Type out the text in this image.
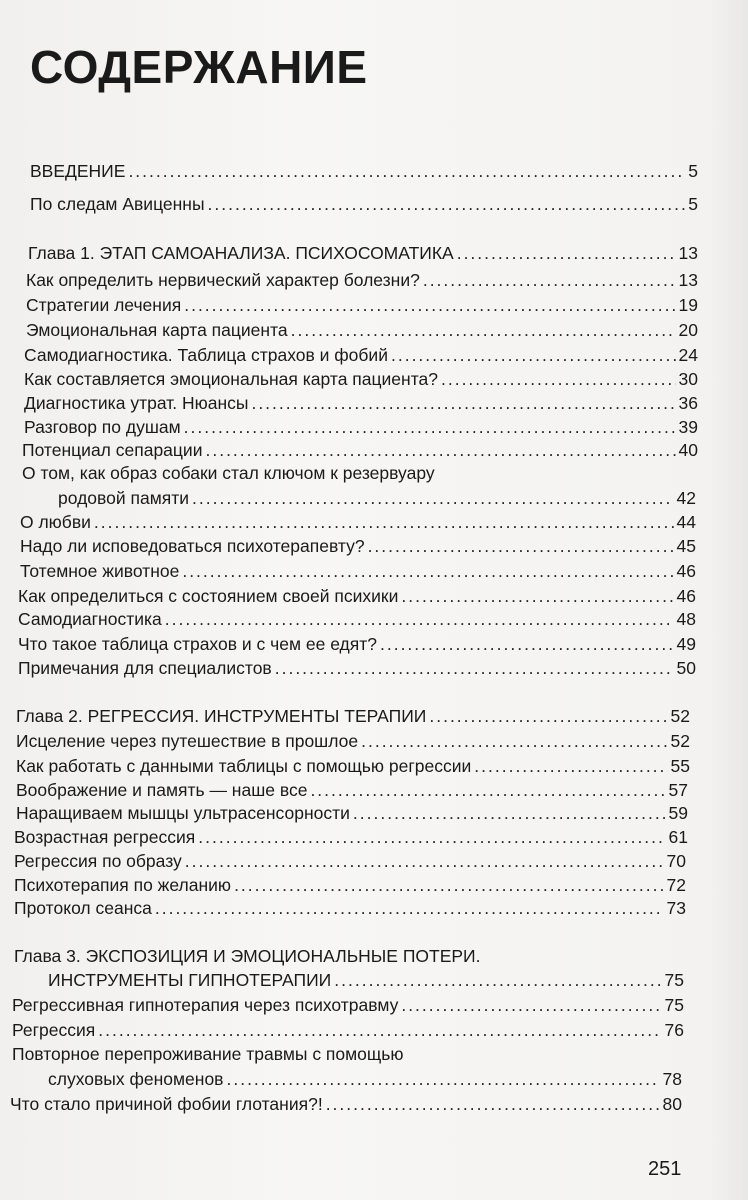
СОДЕРЖАНИЕ
ВВЕДЕНИЕ .....	5
По следам Авиценны .....	5
Глава 1. ЭТАП САМОАНАЛИЗА. ПСИХОСОМАТИКА .....	13
Как определить нервический характер болезни? .....	13
Стратегии лечения .....	19
Эмоциональная карта пациента .....	20
Самодиагностика. Таблица страхов и фобий .....	24
Как составляется эмоциональная карта пациента? .....	30
Диагностика утрат. Нюансы .....	36
Разговор по душам .....	39
Потенциал сепарации .....	40
О том, как образ собаки стал ключом к резервуару
родовой памяти .....	42
О любви .....	44
Надо ли исповедоваться психотерапевту? .....	45
Тотемное животное .....	46
Как определиться с состоянием своей психики .....	46
Самодиагностика .....	48
Что такое таблица страхов и с чем ее едят? .....	49
Примечания для специалистов .....	50
Глава 2. РЕГРЕССИЯ. ИНСТРУМЕНТЫ ТЕРАПИИ .....	52
Исцеление через путешествие в прошлое .....	52
Как работать с данными таблицы с помощью регрессии .....	55
Воображение и память — наше все .....	57
Наращиваем мышцы ультрасенсорности .....	59
Возрастная регрессия .....	61
Регрессия по образу .....	70
Психотерапия по желанию .....	72
Протокол сеанса .....	73
Глава 3. ЭКСПОЗИЦИЯ И ЭМОЦИОНАЛЬНЫЕ ПОТЕРИ.
ИНСТРУМЕНТЫ ГИПНОТЕРАПИИ .....	75
Регрессивная гипнотерапия через психотравму .....	75
Регрессия .....	76
Повторное перепроживание травмы с помощью
слуховых феноменов .....	78
Что стало причиной фобии глотания?! .....	80
251
